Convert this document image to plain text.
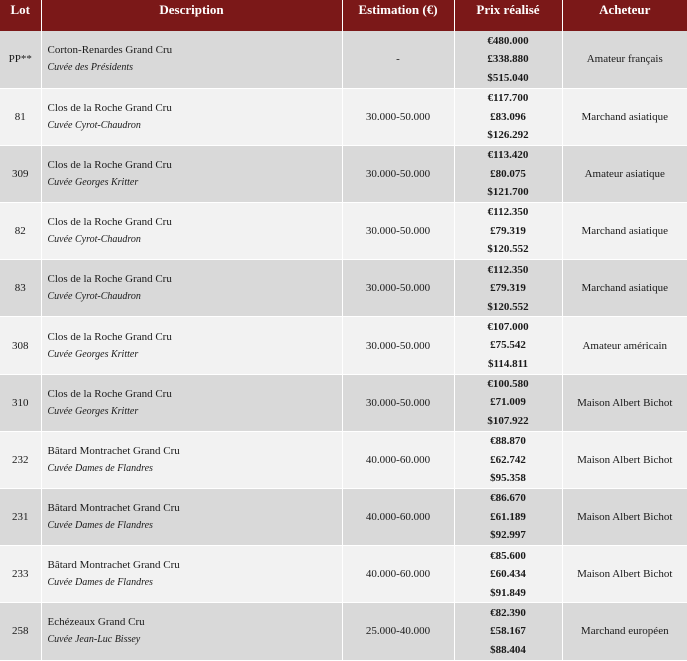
Lot	Description	Estimation (€)	Prix réalisé	Acheteur
PP**	Corton-Renardes Grand Cru
Cuvée des Présidents	-	€480.000
£338.880
$515.040	Amateur français
81	Clos de la Roche Grand Cru
Cuvée Cyrot-Chaudron	30.000-50.000	€117.700
£83.096
$126.292	Marchand asiatique
309	Clos de la Roche Grand Cru
Cuvée Georges Kritter	30.000-50.000	€113.420
£80.075
$121.700	Amateur asiatique
82	Clos de la Roche Grand Cru
Cuvée Cyrot-Chaudron	30.000-50.000	€112.350
£79.319
$120.552	Marchand asiatique
83	Clos de la Roche Grand Cru
Cuvée Cyrot-Chaudron	30.000-50.000	€112.350
£79.319
$120.552	Marchand asiatique
308	Clos de la Roche Grand Cru
Cuvée Georges Kritter	30.000-50.000	€107.000
£75.542
$114.811	Amateur américain
310	Clos de la Roche Grand Cru
Cuvée Georges Kritter	30.000-50.000	€100.580
£71.009
$107.922	Maison Albert Bichot
232	Bâtard Montrachet Grand Cru
Cuvée Dames de Flandres	40.000-60.000	€88.870
£62.742
$95.358	Maison Albert Bichot
231	Bâtard Montrachet Grand Cru
Cuvée Dames de Flandres	40.000-60.000	€86.670
£61.189
$92.997	Maison Albert Bichot
233	Bâtard Montrachet Grand Cru
Cuvée Dames de Flandres	40.000-60.000	€85.600
£60.434
$91.849	Maison Albert Bichot
258	Echézeaux Grand Cru
Cuvée Jean-Luc Bissey	25.000-40.000	€82.390
£58.167
$88.404	Marchand européen
